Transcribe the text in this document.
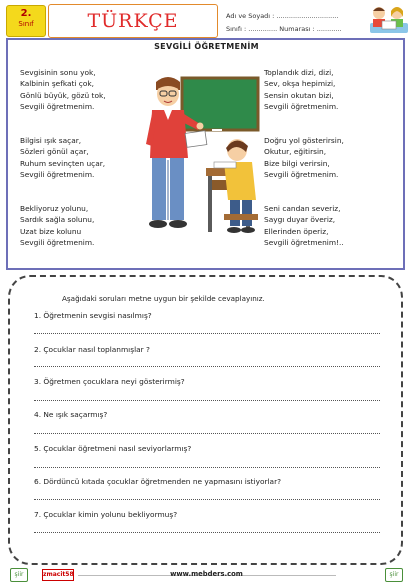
2.
Sınıf	TÜRKÇE	Adı ve Soyadı : ..............................
Sınıfı : .............. Numarası : ............
SEVGİLİ ÖĞRETMENİM
Sevgisinin sonu yok,
Kalbinin şefkati çok,
Gönlü büyük, gözü tok,
Sevgili öğretmenim.
Bilgisi ışık saçar,
Sözleri gönül açar,
Ruhum sevinçten uçar,
Sevgili öğretmenim.
Bekliyoruz yolunu,
Sardık sağla solunu,
Uzat bize kolunu
Sevgili öğretmenim.
Toplandık dizi, dizi,
Sev, okşa hepimizi,
Sensin okutan bizi,
Sevgili öğretmenim.
Doğru yol gösterirsin,
Okutur, eğitirsin,
Bize bilgi verirsin,
Sevgili öğretmenim.
Seni candan severiz,
Saygı duyar överiz,
Ellerinden öperiz,
Sevgili öğretmenim!..
Aşağıdaki soruları metne uygun bir şekilde cevaplayınız.
1. Öğretmenin sevgisi nasılmış?
2. Çocuklar nasıl toplanmışlar ?
3. Öğretmen çocuklara neyi gösterirmiş?
4. Ne ışık saçarmış?
5. Çocuklar öğretmeni nasıl seviyorlarmış?
6. Dördüncü kıtada çocuklar öğretmenden ne yapmasını istiyorlar?
7. Çocuklar kimin yolunu bekliyormuş?
şiir	zmacit58	www.mebders.com	şiir
